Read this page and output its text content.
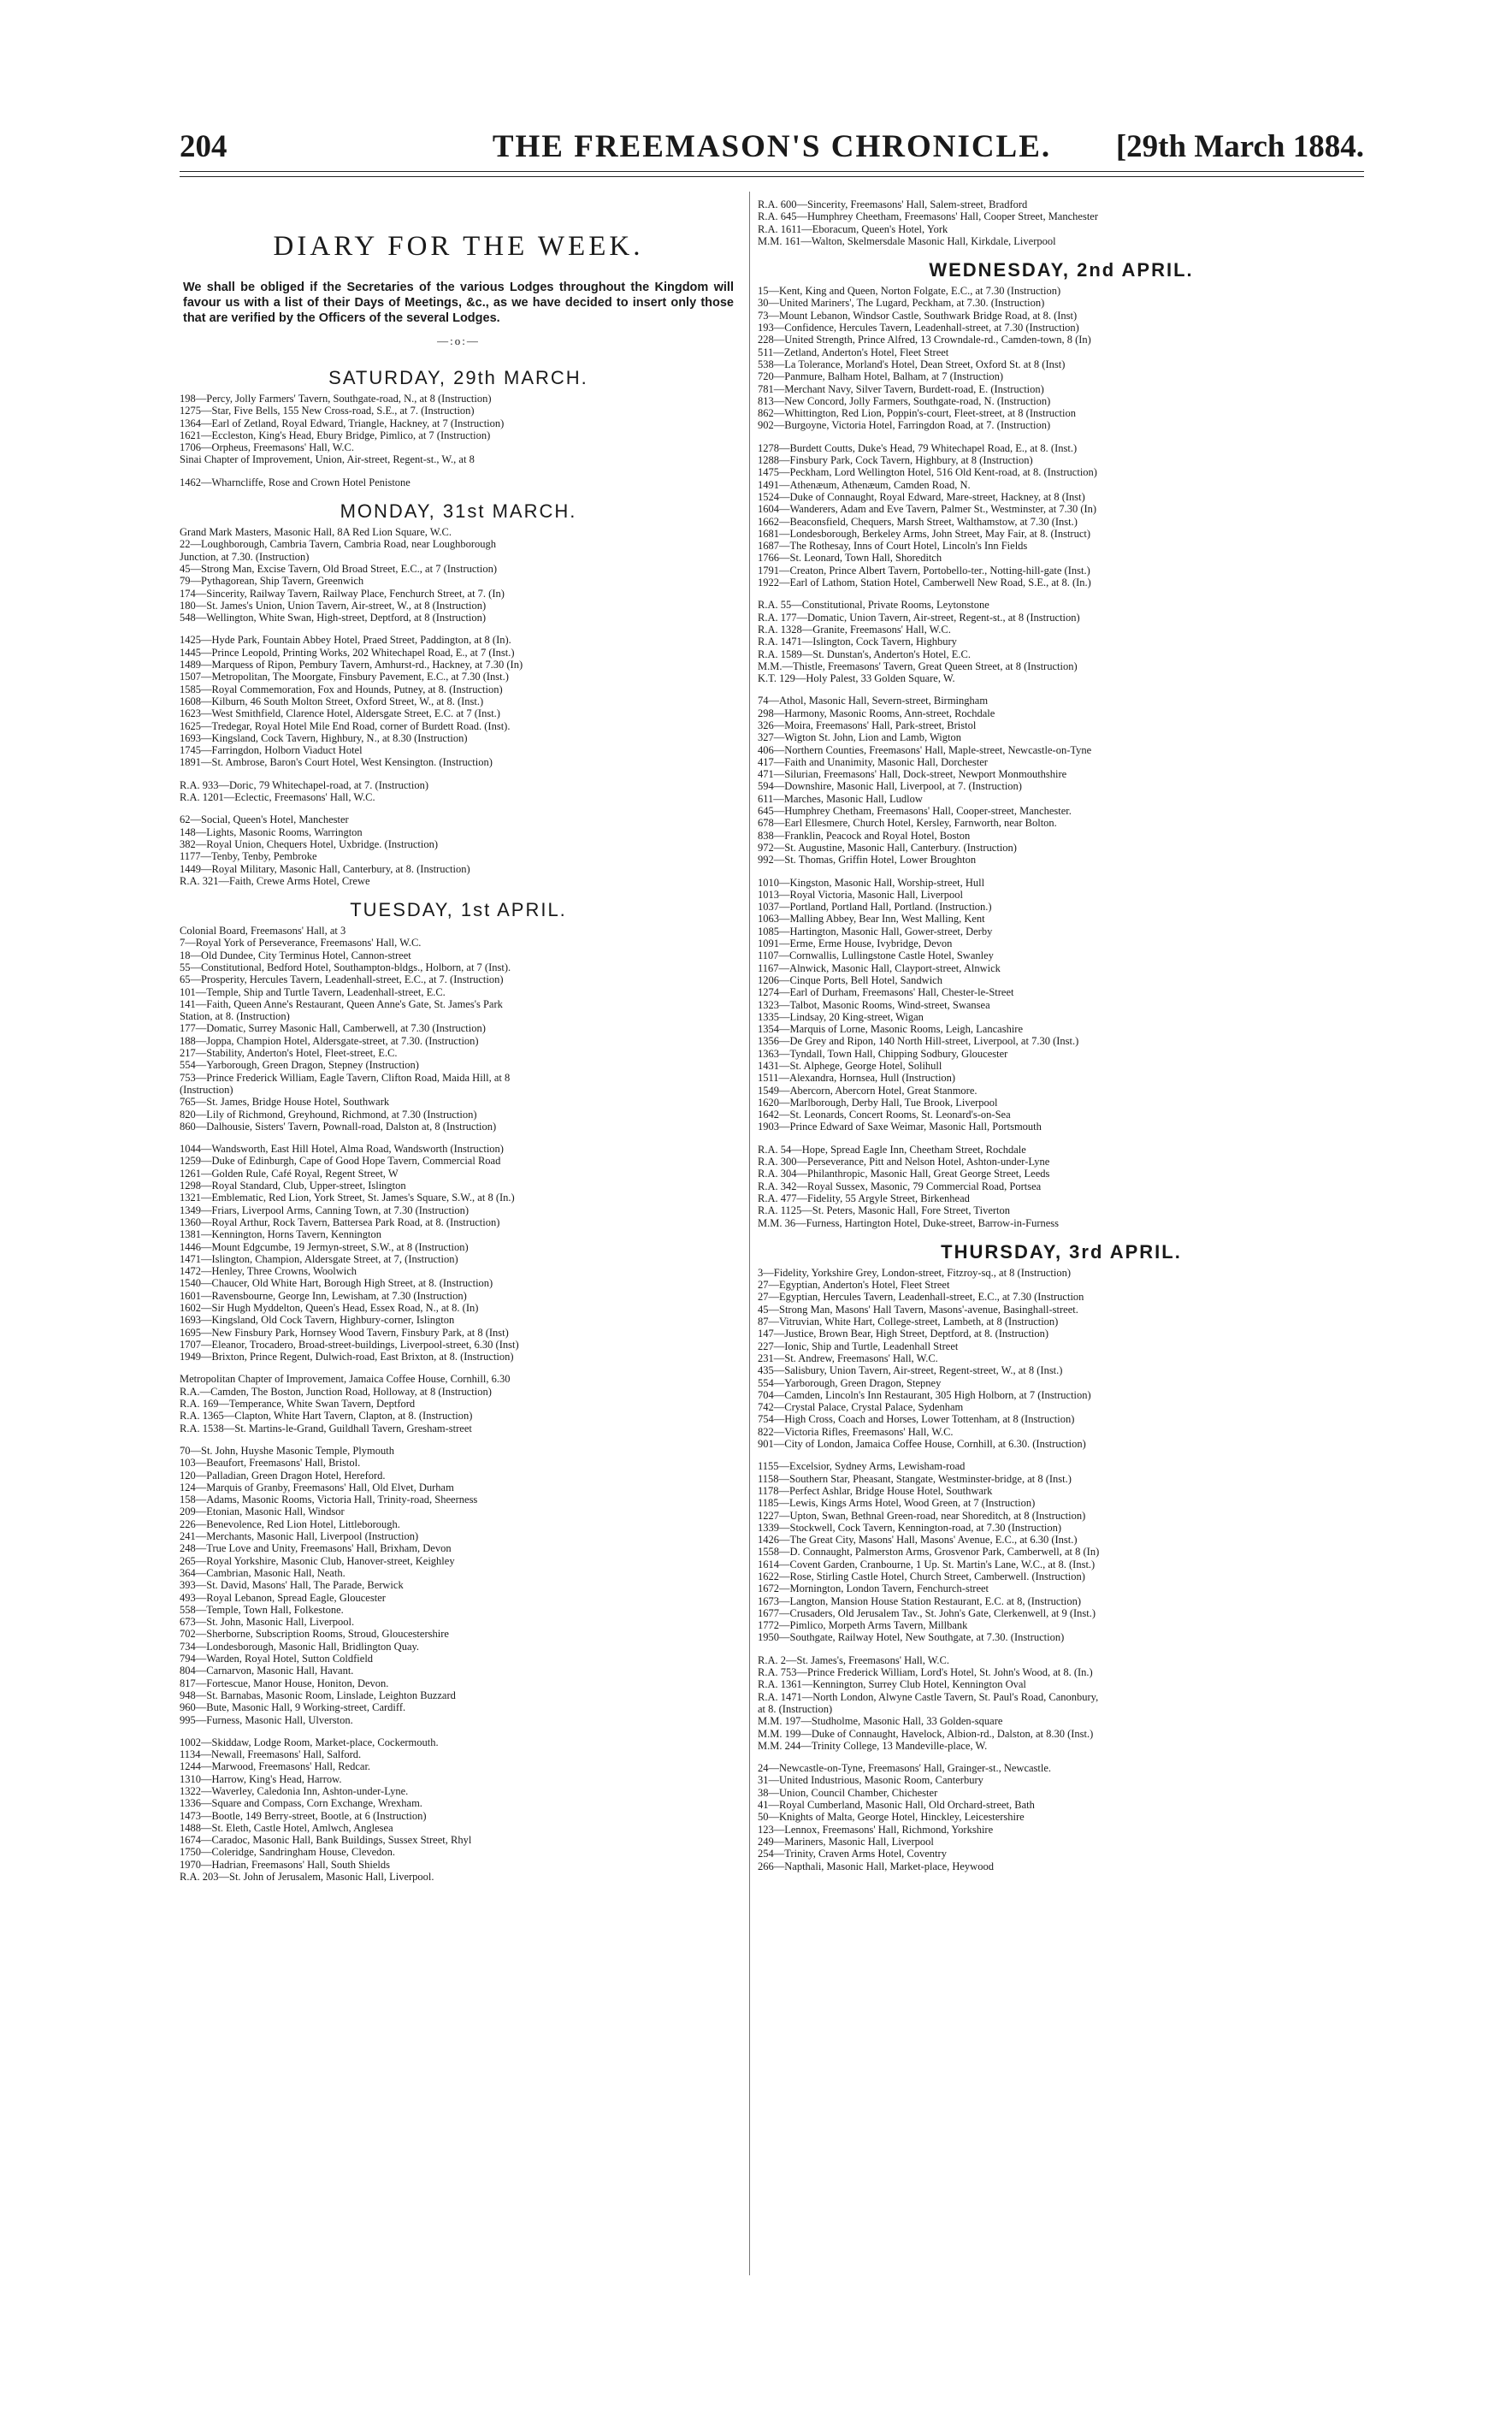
204	THE FREEMASON'S CHRONICLE.	[29th March 1884.
DIARY FOR THE WEEK.
We shall be obliged if the Secretaries of the various Lodges throughout the Kingdom will favour us with a list of their Days of Meetings, &c., as we have decided to insert only those that are verified by the Officers of the several Lodges.
—:o:—
SATURDAY, 29th MARCH.
198—Percy, Jolly Farmers' Tavern, Southgate-road, N., at 8 (Instruction)
1275—Star, Five Bells, 155 New Cross-road, S.E., at 7. (Instruction)
1364—Earl of Zetland, Royal Edward, Triangle, Hackney, at 7 (Instruction)
1621—Eccleston, King's Head, Ebury Bridge, Pimlico, at 7 (Instruction)
1706—Orpheus, Freemasons' Hall, W.C.
Sinai Chapter of Improvement, Union, Air-street, Regent-st., W., at 8
1462—Wharncliffe, Rose and Crown Hotel Penistone
MONDAY, 31st MARCH.
Grand Mark Masters, Masonic Hall, 8A Red Lion Square, W.C.
22—Loughborough, Cambria Tavern, Cambria Road, near Loughborough
Junction, at 7.30. (Instruction)
45—Strong Man, Excise Tavern, Old Broad Street, E.C., at 7 (Instruction)
79—Pythagorean, Ship Tavern, Greenwich
174—Sincerity, Railway Tavern, Railway Place, Fenchurch Street, at 7. (In)
180—St. James's Union, Union Tavern, Air-street, W., at 8 (Instruction)
548—Wellington, White Swan, High-street, Deptford, at 8 (Instruction)
1425—Hyde Park, Fountain Abbey Hotel, Praed Street, Paddington, at 8 (In).
1445—Prince Leopold, Printing Works, 202 Whitechapel Road, E., at 7 (Inst.)
1489—Marquess of Ripon, Pembury Tavern, Amhurst-rd., Hackney, at 7.30 (In)
1507—Metropolitan, The Moorgate, Finsbury Pavement, E.C., at 7.30 (Inst.)
1585—Royal Commemoration, Fox and Hounds, Putney, at 8. (Instruction)
1608—Kilburn, 46 South Molton Street, Oxford Street, W., at 8. (Inst.)
1623—West Smithfield, Clarence Hotel, Aldersgate Street, E.C. at 7 (Inst.)
1625—Tredegar, Royal Hotel Mile End Road, corner of Burdett Road. (Inst).
1693—Kingsland, Cock Tavern, Highbury, N., at 8.30 (Instruction)
1745—Farringdon, Holborn Viaduct Hotel
1891—St. Ambrose, Baron's Court Hotel, West Kensington. (Instruction)
R.A. 933—Doric, 79 Whitechapel-road, at 7. (Instruction)
R.A. 1201—Eclectic, Freemasons' Hall, W.C.
62—Social, Queen's Hotel, Manchester
148—Lights, Masonic Rooms, Warrington
382—Royal Union, Chequers Hotel, Uxbridge. (Instruction)
1177—Tenby, Tenby, Pembroke
1449—Royal Military, Masonic Hall, Canterbury, at 8. (Instruction)
R.A. 321—Faith, Crewe Arms Hotel, Crewe
TUESDAY, 1st APRIL.
Colonial Board, Freemasons' Hall, at 3
7—Royal York of Perseverance, Freemasons' Hall, W.C.
18—Old Dundee, City Terminus Hotel, Cannon-street
55—Constitutional, Bedford Hotel, Southampton-bldgs., Holborn, at 7 (Inst).
65—Prosperity, Hercules Tavern, Leadenhall-street, E.C., at 7. (Instruction)
101—Temple, Ship and Turtle Tavern, Leadenhall-street, E.C.
141—Faith, Queen Anne's Restaurant, Queen Anne's Gate, St. James's Park
Station, at 8. (Instruction)
177—Domatic, Surrey Masonic Hall, Camberwell, at 7.30 (Instruction)
188—Joppa, Champion Hotel, Aldersgate-street, at 7.30. (Instruction)
217—Stability, Anderton's Hotel, Fleet-street, E.C.
554—Yarborough, Green Dragon, Stepney (Instruction)
753—Prince Frederick William, Eagle Tavern, Clifton Road, Maida Hill, at 8
(Instruction)
765—St. James, Bridge House Hotel, Southwark
820—Lily of Richmond, Greyhound, Richmond, at 7.30 (Instruction)
860—Dalhousie, Sisters' Tavern, Pownall-road, Dalston at, 8 (Instruction)
1044—Wandsworth, East Hill Hotel, Alma Road, Wandsworth (Instruction)
1259—Duke of Edinburgh, Cape of Good Hope Tavern, Commercial Road
1261—Golden Rule, Café Royal, Regent Street, W
1298—Royal Standard, Club, Upper-street, Islington
1321—Emblematic, Red Lion, York Street, St. James's Square, S.W., at 8 (In.)
1349—Friars, Liverpool Arms, Canning Town, at 7.30 (Instruction)
1360—Royal Arthur, Rock Tavern, Battersea Park Road, at 8. (Instruction)
1381—Kennington, Horns Tavern, Kennington
1446—Mount Edgcumbe, 19 Jermyn-street, S.W., at 8 (Instruction)
1471—Islington, Champion, Aldersgate Street, at 7, (Instruction)
1472—Henley, Three Crowns, Woolwich
1540—Chaucer, Old White Hart, Borough High Street, at 8. (Instruction)
1601—Ravensbourne, George Inn, Lewisham, at 7.30 (Instruction)
1602—Sir Hugh Myddelton, Queen's Head, Essex Road, N., at 8. (In)
1693—Kingsland, Old Cock Tavern, Highbury-corner, Islington
1695—New Finsbury Park, Hornsey Wood Tavern, Finsbury Park, at 8 (Inst)
1707—Eleanor, Trocadero, Broad-street-buildings, Liverpool-street, 6.30 (Inst)
1949—Brixton, Prince Regent, Dulwich-road, East Brixton, at 8. (Instruction)
Metropolitan Chapter of Improvement, Jamaica Coffee House, Cornhill, 6.30
R.A.—Camden, The Boston, Junction Road, Holloway, at 8 (Instruction)
R.A. 169—Temperance, White Swan Tavern, Deptford
R.A. 1365—Clapton, White Hart Tavern, Clapton, at 8. (Instruction)
R.A. 1538—St. Martins-le-Grand, Guildhall Tavern, Gresham-street
70—St. John, Huyshe Masonic Temple, Plymouth
103—Beaufort, Freemasons' Hall, Bristol.
120—Palladian, Green Dragon Hotel, Hereford.
124—Marquis of Granby, Freemasons' Hall, Old Elvet, Durham
158—Adams, Masonic Rooms, Victoria Hall, Trinity-road, Sheerness
209—Etonian, Masonic Hall, Windsor
226—Benevolence, Red Lion Hotel, Littleborough.
241—Merchants, Masonic Hall, Liverpool (Instruction)
248—True Love and Unity, Freemasons' Hall, Brixham, Devon
265—Royal Yorkshire, Masonic Club, Hanover-street, Keighley
364—Cambrian, Masonic Hall, Neath.
393—St. David, Masons' Hall, The Parade, Berwick
493—Royal Lebanon, Spread Eagle, Gloucester
558—Temple, Town Hall, Folkestone.
673—St. John, Masonic Hall, Liverpool.
702—Sherborne, Subscription Rooms, Stroud, Gloucestershire
734—Londesborough, Masonic Hall, Bridlington Quay.
794—Warden, Royal Hotel, Sutton Coldfield
804—Carnarvon, Masonic Hall, Havant.
817—Fortescue, Manor House, Honiton, Devon.
948—St. Barnabas, Masonic Room, Linslade, Leighton Buzzard
960—Bute, Masonic Hall, 9 Working-street, Cardiff.
995—Furness, Masonic Hall, Ulverston.
1002—Skiddaw, Lodge Room, Market-place, Cockermouth.
1134—Newall, Freemasons' Hall, Salford.
1244—Marwood, Freemasons' Hall, Redcar.
1310—Harrow, King's Head, Harrow.
1322—Waverley, Caledonia Inn, Ashton-under-Lyne.
1336—Square and Compass, Corn Exchange, Wrexham.
1473—Bootle, 149 Berry-street, Bootle, at 6 (Instruction)
1488—St. Eleth, Castle Hotel, Amlwch, Anglesea
1674—Caradoc, Masonic Hall, Bank Buildings, Sussex Street, Rhyl
1750—Coleridge, Sandringham House, Clevedon.
1970—Hadrian, Freemasons' Hall, South Shields
R.A. 203—St. John of Jerusalem, Masonic Hall, Liverpool.
R.A. 600—Sincerity, Freemasons' Hall, Salem-street, Bradford
R.A. 645—Humphrey Cheetham, Freemasons' Hall, Cooper Street, Manchester
R.A. 1611—Eboracum, Queen's Hotel, York
M.M. 161—Walton, Skelmersdale Masonic Hall, Kirkdale, Liverpool
WEDNESDAY, 2nd APRIL.
15—Kent, King and Queen, Norton Folgate, E.C., at 7.30 (Instruction)
30—United Mariners', The Lugard, Peckham, at 7.30. (Instruction)
73—Mount Lebanon, Windsor Castle, Southwark Bridge Road, at 8. (Inst)
193—Confidence, Hercules Tavern, Leadenhall-street, at 7.30 (Instruction)
228—United Strength, Prince Alfred, 13 Crowndale-rd., Camden-town, 8 (In)
511—Zetland, Anderton's Hotel, Fleet Street
538—La Tolerance, Morland's Hotel, Dean Street, Oxford St. at 8 (Inst)
720—Panmure, Balham Hotel, Balham, at 7 (Instruction)
781—Merchant Navy, Silver Tavern, Burdett-road, E. (Instruction)
813—New Concord, Jolly Farmers, Southgate-road, N. (Instruction)
862—Whittington, Red Lion, Poppin's-court, Fleet-street, at 8 (Instruction
902—Burgoyne, Victoria Hotel, Farringdon Road, at 7. (Instruction)
1278—Burdett Coutts, Duke's Head, 79 Whitechapel Road, E., at 8. (Inst.)
1288—Finsbury Park, Cock Tavern, Highbury, at 8 (Instruction)
1475—Peckham, Lord Wellington Hotel, 516 Old Kent-road, at 8. (Instruction)
1491—Athenæum, Athenæum, Camden Road, N.
1524—Duke of Connaught, Royal Edward, Mare-street, Hackney, at 8 (Inst)
1604—Wanderers, Adam and Eve Tavern, Palmer St., Westminster, at 7.30 (In)
1662—Beaconsfield, Chequers, Marsh Street, Walthamstow, at 7.30 (Inst.)
1681—Londesborough, Berkeley Arms, John Street, May Fair, at 8. (Instruct)
1687—The Rothesay, Inns of Court Hotel, Lincoln's Inn Fields
1766—St. Leonard, Town Hall, Shoreditch
1791—Creaton, Prince Albert Tavern, Portobello-ter., Notting-hill-gate (Inst.)
1922—Earl of Lathom, Station Hotel, Camberwell New Road, S.E., at 8. (In.)
R.A. 55—Constitutional, Private Rooms, Leytonstone
R.A. 177—Domatic, Union Tavern, Air-street, Regent-st., at 8 (Instruction)
R.A. 1328—Granite, Freemasons' Hall, W.C.
R.A. 1471—Islington, Cock Tavern, Highbury
R.A. 1589—St. Dunstan's, Anderton's Hotel, E.C.
M.M.—Thistle, Freemasons' Tavern, Great Queen Street, at 8 (Instruction)
K.T. 129—Holy Palest, 33 Golden Square, W.
74—Athol, Masonic Hall, Severn-street, Birmingham
298—Harmony, Masonic Rooms, Ann-street, Rochdale
326—Moira, Freemasons' Hall, Park-street, Bristol
327—Wigton St. John, Lion and Lamb, Wigton
406—Northern Counties, Freemasons' Hall, Maple-street, Newcastle-on-Tyne
417—Faith and Unanimity, Masonic Hall, Dorchester
471—Silurian, Freemasons' Hall, Dock-street, Newport Monmouthshire
594—Downshire, Masonic Hall, Liverpool, at 7. (Instruction)
611—Marches, Masonic Hall, Ludlow
645—Humphrey Chetham, Freemasons' Hall, Cooper-street, Manchester.
678—Earl Ellesmere, Church Hotel, Kersley, Farnworth, near Bolton.
838—Franklin, Peacock and Royal Hotel, Boston
972—St. Augustine, Masonic Hall, Canterbury. (Instruction)
992—St. Thomas, Griffin Hotel, Lower Broughton
1010—Kingston, Masonic Hall, Worship-street, Hull
1013—Royal Victoria, Masonic Hall, Liverpool
1037—Portland, Portland Hall, Portland. (Instruction.)
1063—Malling Abbey, Bear Inn, West Malling, Kent
1085—Hartington, Masonic Hall, Gower-street, Derby
1091—Erme, Erme House, Ivybridge, Devon
1107—Cornwallis, Lullingstone Castle Hotel, Swanley
1167—Alnwick, Masonic Hall, Clayport-street, Alnwick
1206—Cinque Ports, Bell Hotel, Sandwich
1274—Earl of Durham, Freemasons' Hall, Chester-le-Street
1323—Talbot, Masonic Rooms, Wind-street, Swansea
1335—Lindsay, 20 King-street, Wigan
1354—Marquis of Lorne, Masonic Rooms, Leigh, Lancashire
1356—De Grey and Ripon, 140 North Hill-street, Liverpool, at 7.30 (Inst.)
1363—Tyndall, Town Hall, Chipping Sodbury, Gloucester
1431—St. Alphege, George Hotel, Solihull
1511—Alexandra, Hornsea, Hull (Instruction)
1549—Abercorn, Abercorn Hotel, Great Stanmore.
1620—Marlborough, Derby Hall, Tue Brook, Liverpool
1642—St. Leonards, Concert Rooms, St. Leonard's-on-Sea
1903—Prince Edward of Saxe Weimar, Masonic Hall, Portsmouth
R.A. 54—Hope, Spread Eagle Inn, Cheetham Street, Rochdale
R.A. 300—Perseverance, Pitt and Nelson Hotel, Ashton-under-Lyne
R.A. 304—Philanthropic, Masonic Hall, Great George Street, Leeds
R.A. 342—Royal Sussex, Masonic, 79 Commercial Road, Portsea
R.A. 477—Fidelity, 55 Argyle Street, Birkenhead
R.A. 1125—St. Peters, Masonic Hall, Fore Street, Tiverton
M.M. 36—Furness, Hartington Hotel, Duke-street, Barrow-in-Furness
THURSDAY, 3rd APRIL.
3—Fidelity, Yorkshire Grey, London-street, Fitzroy-sq., at 8 (Instruction)
27—Egyptian, Anderton's Hotel, Fleet Street
27—Egyptian, Hercules Tavern, Leadenhall-street, E.C., at 7.30 (Instruction
45—Strong Man, Masons' Hall Tavern, Masons'-avenue, Basinghall-street.
87—Vitruvian, White Hart, College-street, Lambeth, at 8 (Instruction)
147—Justice, Brown Bear, High Street, Deptford, at 8. (Instruction)
227—Ionic, Ship and Turtle, Leadenhall Street
231—St. Andrew, Freemasons' Hall, W.C.
435—Salisbury, Union Tavern, Air-street, Regent-street, W., at 8 (Inst.)
554—Yarborough, Green Dragon, Stepney
704—Camden, Lincoln's Inn Restaurant, 305 High Holborn, at 7 (Instruction)
742—Crystal Palace, Crystal Palace, Sydenham
754—High Cross, Coach and Horses, Lower Tottenham, at 8 (Instruction)
822—Victoria Rifles, Freemasons' Hall, W.C.
901—City of London, Jamaica Coffee House, Cornhill, at 6.30. (Instruction)
1155—Excelsior, Sydney Arms, Lewisham-road
1158—Southern Star, Pheasant, Stangate, Westminster-bridge, at 8 (Inst.)
1178—Perfect Ashlar, Bridge House Hotel, Southwark
1185—Lewis, Kings Arms Hotel, Wood Green, at 7 (Instruction)
1227—Upton, Swan, Bethnal Green-road, near Shoreditch, at 8 (Instruction)
1339—Stockwell, Cock Tavern, Kennington-road, at 7.30 (Instruction)
1426—The Great City, Masons' Hall, Masons' Avenue, E.C., at 6.30 (Inst.)
1558—D. Connaught, Palmerston Arms, Grosvenor Park, Camberwell, at 8 (In)
1614—Covent Garden, Cranbourne, 1 Up. St. Martin's Lane, W.C., at 8. (Inst.)
1622—Rose, Stirling Castle Hotel, Church Street, Camberwell. (Instruction)
1672—Mornington, London Tavern, Fenchurch-street
1673—Langton, Mansion House Station Restaurant, E.C. at 8, (Instruction)
1677—Crusaders, Old Jerusalem Tav., St. John's Gate, Clerkenwell, at 9 (Inst.)
1772—Pimlico, Morpeth Arms Tavern, Millbank
1950—Southgate, Railway Hotel, New Southgate, at 7.30. (Instruction)
R.A. 2—St. James's, Freemasons' Hall, W.C.
R.A. 753—Prince Frederick William, Lord's Hotel, St. John's Wood, at 8. (In.)
R.A. 1361—Kennington, Surrey Club Hotel, Kennington Oval
R.A. 1471—North London, Alwyne Castle Tavern, St. Paul's Road, Canonbury,
at 8. (Instruction)
M.M. 197—Studholme, Masonic Hall, 33 Golden-square
M.M. 199—Duke of Connaught, Havelock, Albion-rd., Dalston, at 8.30 (Inst.)
M.M. 244—Trinity College, 13 Mandeville-place, W.
24—Newcastle-on-Tyne, Freemasons' Hall, Grainger-st., Newcastle.
31—United Industrious, Masonic Room, Canterbury
38—Union, Council Chamber, Chichester
41—Royal Cumberland, Masonic Hall, Old Orchard-street, Bath
50—Knights of Malta, George Hotel, Hinckley, Leicestershire
123—Lennox, Freemasons' Hall, Richmond, Yorkshire
249—Mariners, Masonic Hall, Liverpool
254—Trinity, Craven Arms Hotel, Coventry
266—Napthali, Masonic Hall, Market-place, Heywood
